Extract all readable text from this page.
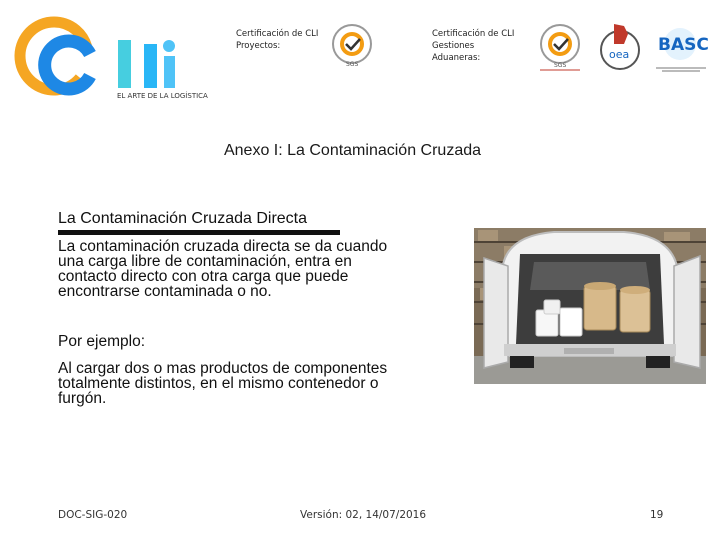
EL ARTE DE LA LOGÍSTICA
Certificación de CLI
Proyectos:
Certificación de CLI
Gestiones
Aduaneras:
SGS	SGS
oea BASC
Anexo I: La Contaminación Cruzada
La Contaminación Cruzada Directa
La contaminación cruzada directa se da cuando
una carga libre de contaminación, entra en
contacto directo con otra carga que puede
encontrarse contaminada o no.
Por ejemplo:
Al cargar dos o mas productos de componentes
totalmente distintos, en el mismo contenedor o
furgón.
DOC-SIG-020	Versión: 02, 14/07/2016	19
